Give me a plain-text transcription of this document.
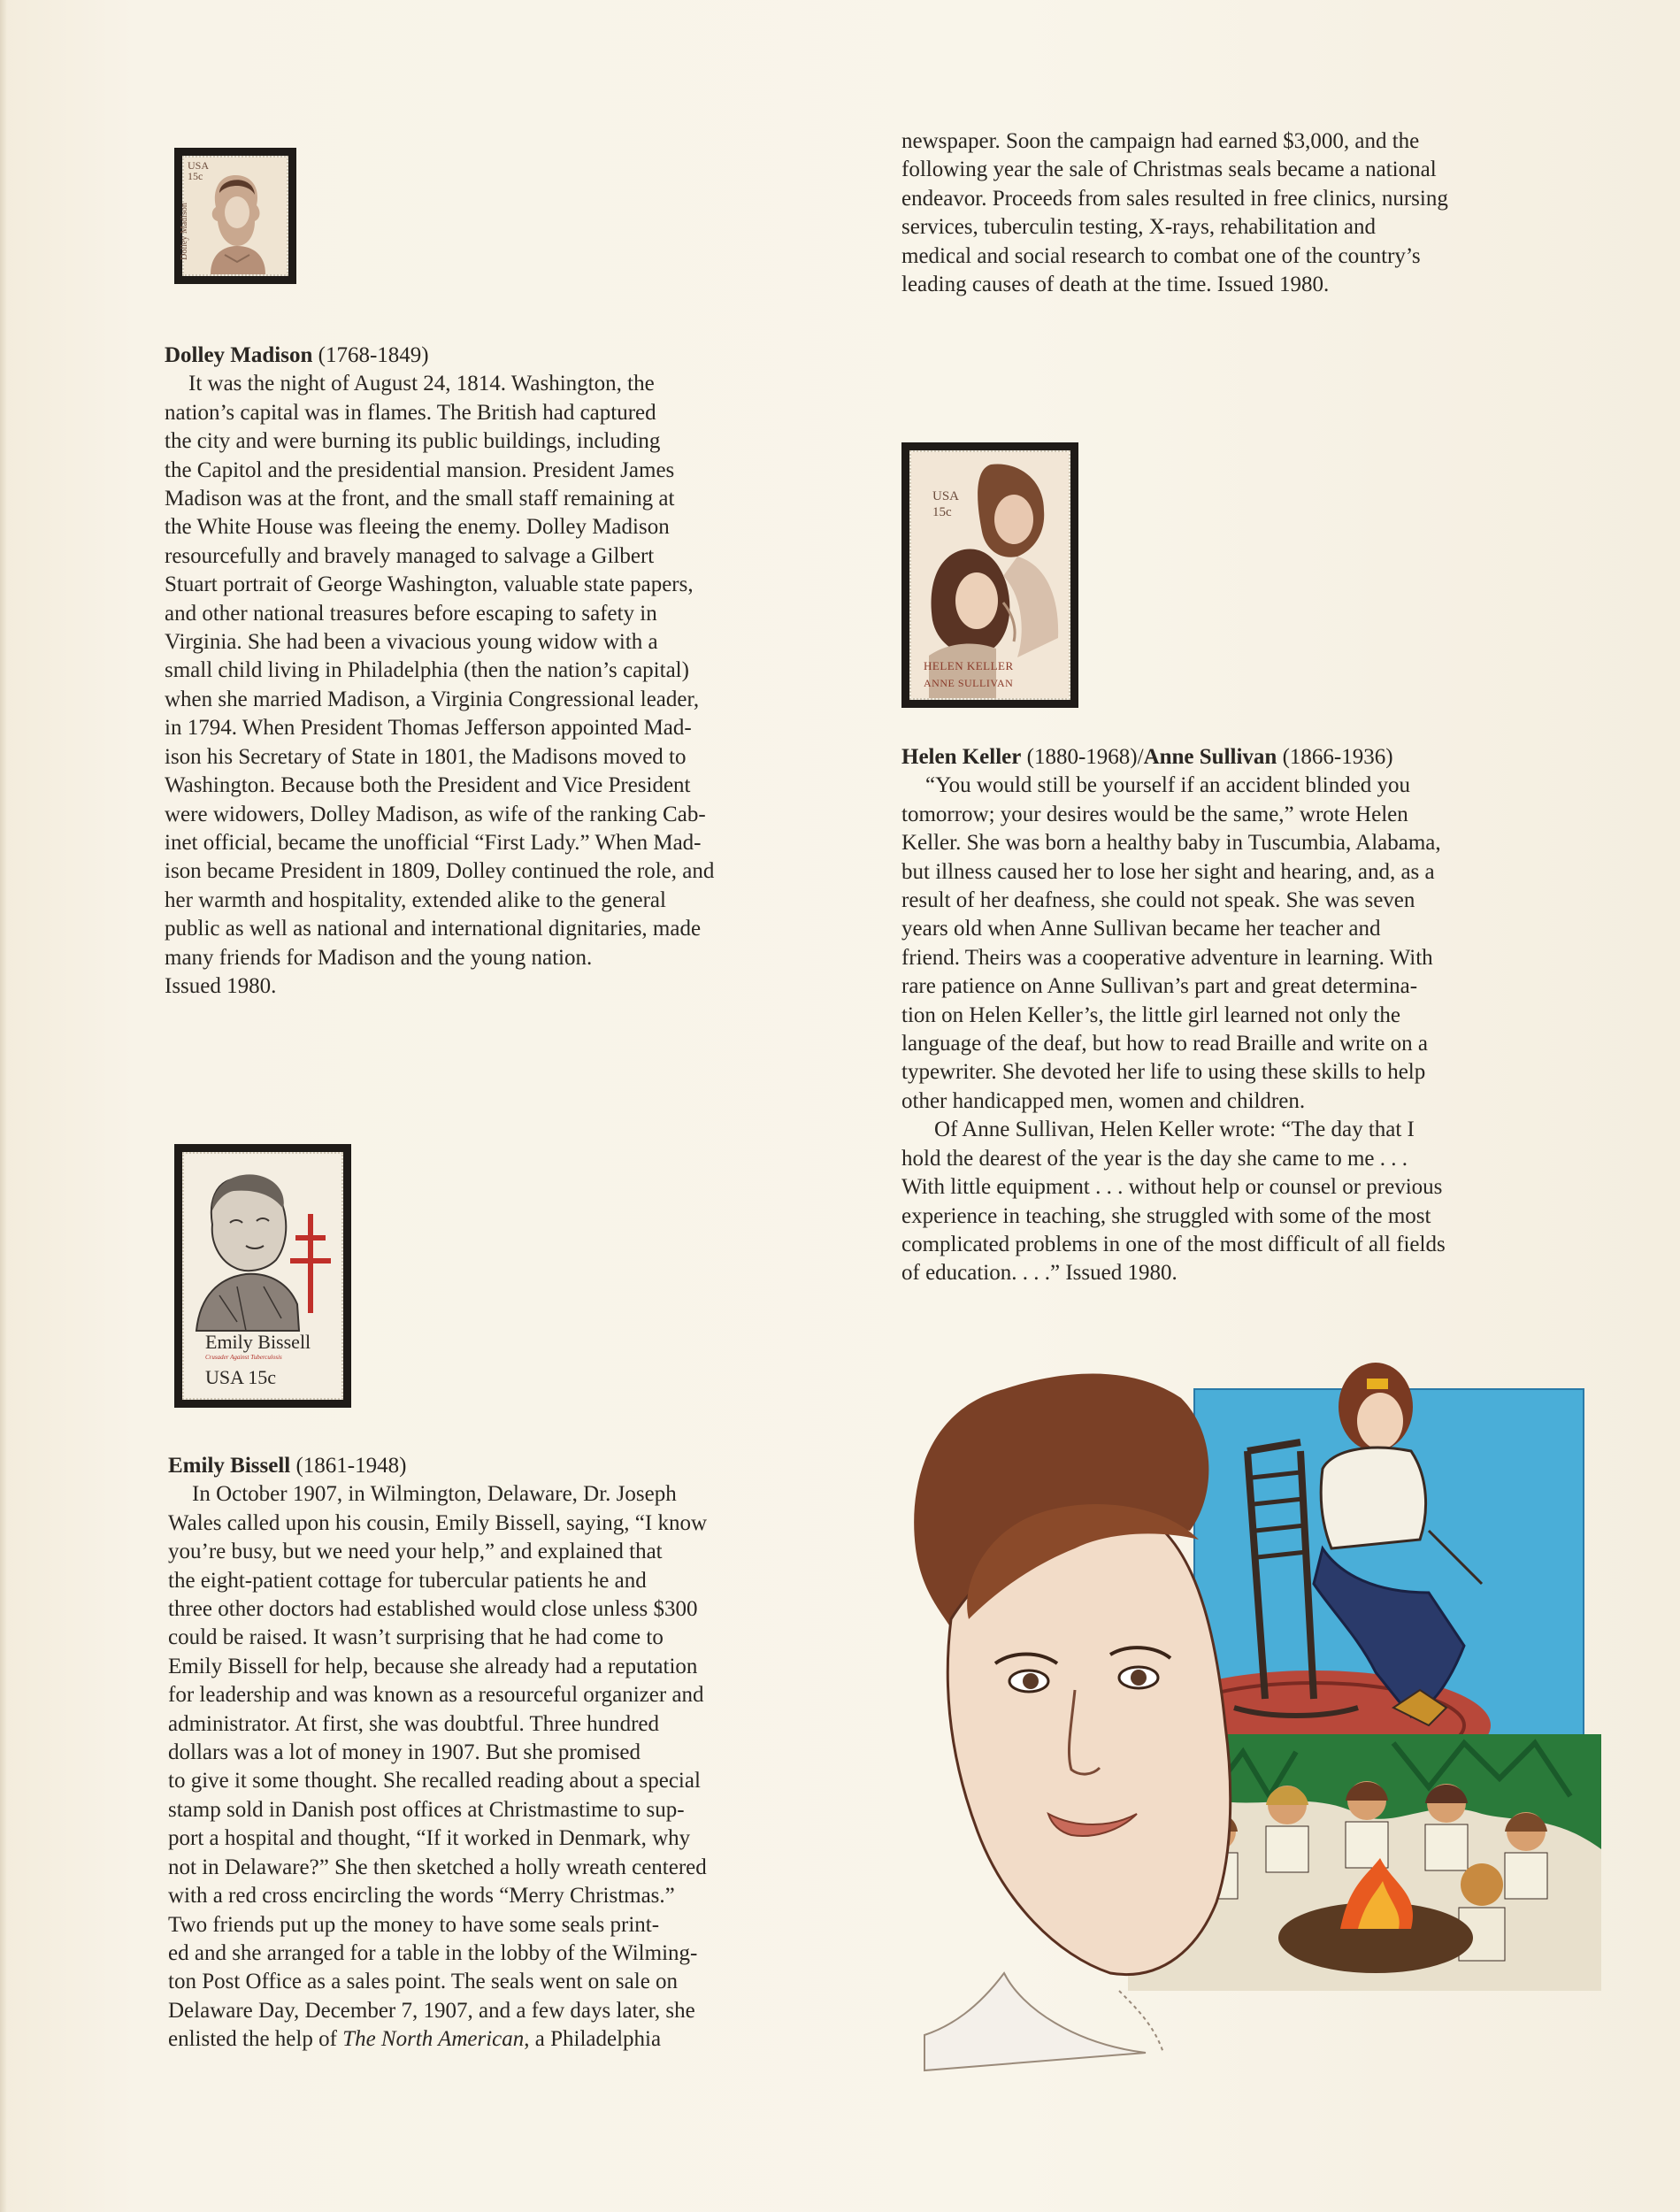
USA
15c
Dolley Madison

Dolley Madison (1768-1849)

It was the night of August 24, 1814. Washington, the
nation’s capital was in flames. The British had captured
the city and were burning its public buildings, including
the Capitol and the presidential mansion. President James
Madison was at the front, and the small staff remaining at
the White House was fleeing the enemy. Dolley Madison
resourcefully and bravely managed to salvage a Gilbert
Stuart portrait of George Washington, valuable state papers,
and other national treasures before escaping to safety in
Virginia. She had been a vivacious young widow with a
small child living in Philadelphia (then the nation’s capital)
when she married Madison, a Virginia Congressional leader,
in 1794. When President Thomas Jefferson appointed Mad-
ison his Secretary of State in 1801, the Madisons moved to
Washington. Because both the President and Vice President
were widowers, Dolley Madison, as wife of the ranking Cab-
inet official, became the unofficial “First Lady.” When Mad-
ison became President in 1809, Dolley continued the role, and
her warmth and hospitality, extended alike to the general
public as well as national and international dignitaries, made
many friends for Madison and the young nation.

Issued 1980.

Emily Bissell
Crusader Against Tuberculosis
USA 15c

Emily Bissell (1861-1948)

In October 1907, in Wilmington, Delaware, Dr. Joseph
Wales called upon his cousin, Emily Bissell, saying, “I know
you’re busy, but we need your help,” and explained that
the eight-patient cottage for tubercular patients he and
three other doctors had established would close unless $300
could be raised. It wasn’t surprising that he had come to
Emily Bissell for help, because she already had a reputation
for leadership and was known as a resourceful organizer and
administrator. At first, she was doubtful. Three hundred
dollars was a lot of money in 1907. But she promised
to give it some thought. She recalled reading about a special
stamp sold in Danish post offices at Christmastime to sup-
port a hospital and thought, “If it worked in Denmark, why
not in Delaware?” She then sketched a holly wreath centered
with a red cross encircling the words “Merry Christmas.”
Two friends put up the money to have some seals print-
ed and she arranged for a table in the lobby of the Wilming-
ton Post Office as a sales point. The seals went on sale on
Delaware Day, December 7, 1907, and a few days later, she
enlisted the help of The North American, a Philadelphia
newspaper. Soon the campaign had earned $3,000, and the
following year the sale of Christmas seals became a national
endeavor. Proceeds from sales resulted in free clinics, nursing
services, tuberculin testing, X-rays, rehabilitation and
medical and social research to combat one of the country’s
leading causes of death at the time. Issued 1980.
USA
15c
HELEN KELLER
ANNE SULLIVAN

Helen Keller (1880-1968)/Anne Sullivan (1866-1936)

“You would still be yourself if an accident blinded you
tomorrow; your desires would be the same,” wrote Helen
Keller. She was born a healthy baby in Tuscumbia, Alabama,
but illness caused her to lose her sight and hearing, and, as a
result of her deafness, she could not speak. She was seven
years old when Anne Sullivan became her teacher and
friend. Theirs was a cooperative adventure in learning. With
rare patience on Anne Sullivan’s part and great determina-
tion on Helen Keller’s, the little girl learned not only the
language of the deaf, but how to read Braille and write on a
typewriter. She devoted her life to using these skills to help
other handicapped men, women and children.
Of Anne Sullivan, Helen Keller wrote: “The day that I
hold the dearest of the year is the day she came to me . . .
With little equipment . . . without help or counsel or previous
experience in teaching, she struggled with some of the most
complicated problems in one of the most difficult of all fields
of education. . . .” Issued 1980.
